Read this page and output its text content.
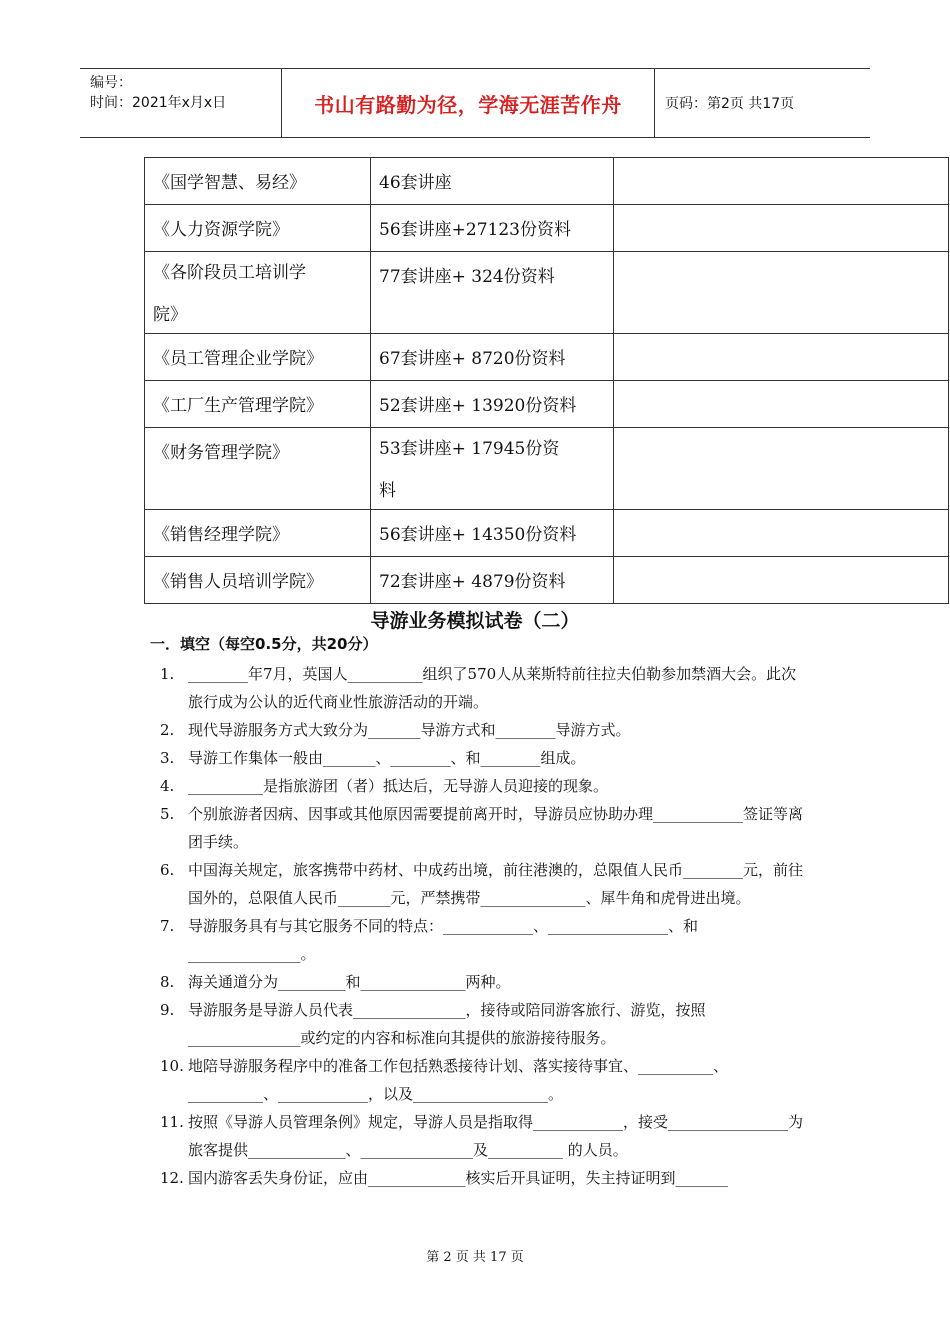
编号：
时间：2021年x月x日	书山有路勤为径，学海无涯苦作舟	页码：第2页 共17页
《国学智慧、易经》	46套讲座	
《人力资源学院》	56套讲座+27123份资料	

《各阶段员工培训学
院》	77套讲座+ 324份资料	
《员工管理企业学院》	67套讲座+ 8720份资料	
《工厂生产管理学院》	52套讲座+ 13920份资料	
《财务管理学院》	53套讲座+ 17945份资
料	

《销售经理学院》	56套讲座+ 14350份资料	
《销售人员培训学院》	72套讲座+ 4879份资料	
导游业务模拟试卷（二）
一．填空（每空0.5分，共20分）
1. ________年7月，英国人__________组织了570人从莱斯特前往拉夫伯勒参加禁酒大会。此次旅行成为公认的近代商业性旅游活动的开端。
2. 现代导游服务方式大致分为_______导游方式和________导游方式。
3. 导游工作集体一般由_______、________、和________组成。
4. __________是指旅游团（者）抵达后，无导游人员迎接的现象。
5. 个别旅游者因病、因事或其他原因需要提前离开时，导游员应协助办理____________签证等离团手续。
6. 中国海关规定，旅客携带中药材、中成药出境，前往港澳的，总限值人民币________元，前往国外的，总限值人民币_______元，严禁携带______________、犀牛角和虎骨进出境。
7. 导游服务具有与其它服务不同的特点：____________、________________、和_______________。
8. 海关通道分为_________和______________两种。
9. 导游服务是导游人员代表_______________，接待或陪同游客旅行、游览，按照_______________或约定的内容和标准向其提供的旅游接待服务。
10. 地陪导游服务程序中的准备工作包括熟悉接待计划、落实接待事宜、__________、__________、____________，以及__________________。
11. 按照《导游人员管理条例》规定，导游人员是指取得____________，接受________________为旅客提供_____________、_______________及__________ 的人员。
12. 国内游客丢失身份证，应由_____________核实后开具证明，失主持证明到_______
第 2 页 共 17 页
